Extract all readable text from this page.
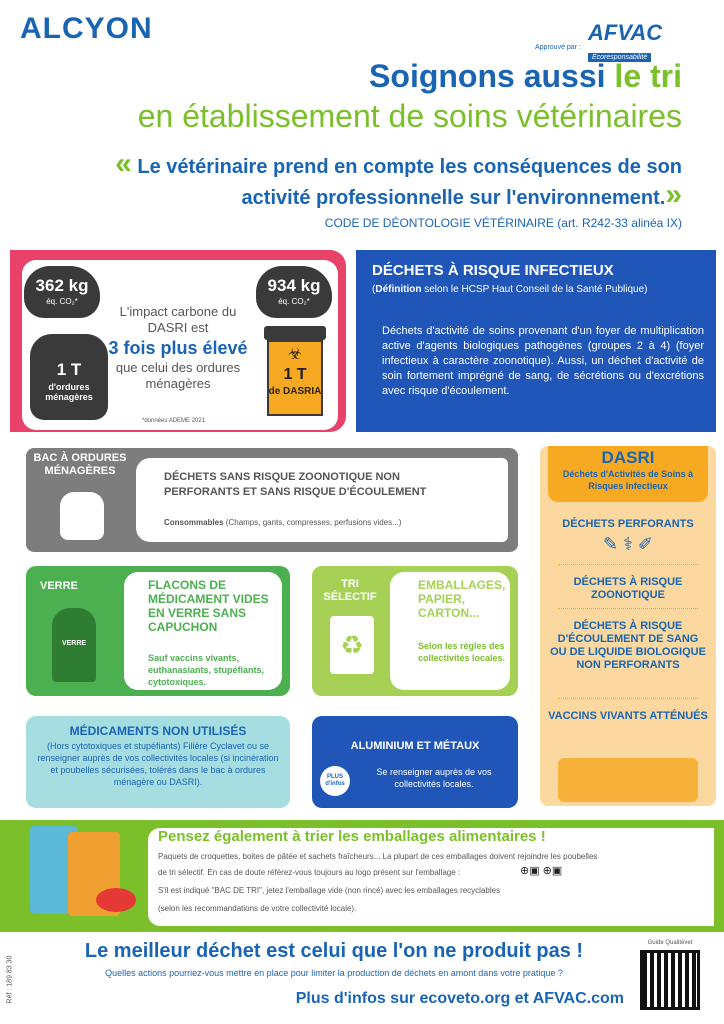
ALCYON
Approuvé par :
AFVAC
Écoresponsabilité
Soignons aussi le tri
en établissement de soins vétérinaires
« Le vétérinaire prend en compte les conséquences de son activité professionnelle sur l'environnement.»
CODE DE DÉONTOLOGIE VÉTÉRINAIRE (art. R242-33 alinéa IX)
362 kg
éq. CO₂*
934 kg
éq. CO₂*
L'impact carbone du DASRI est
3 fois plus élevé
que celui des ordures ménagères
1 T
d'ordures ménagères
☣
1 T
de DASRIA
*données ADEME 2021
DÉCHETS À RISQUE INFECTIEUX
(Définition selon le HCSP Haut Conseil de la Santé Publique)
Déchets d'activité de soins provenant d'un foyer de multiplication active d'agents biologiques pathogènes (groupes 2 à 4) (foyer infectieux à caractère zoonotique). Aussi, un déchet d'activité de soin fortement imprégné de sang, de sécrétions ou d'excrétions avec risque d'écoulement.
BAC À ORDURES MÉNAGÈRES	DÉCHETS SANS RISQUE ZOONOTIQUE NON PERFORANTS ET SANS RISQUE D'ÉCOULEMENT
Consommables (Champs, gants, compresses, perfusions vides...)
DASRI
Déchets d'Activités de Soins à Risques Infectieux
DÉCHETS PERFORANTS
✎ ⚕ ✐
DÉCHETS À RISQUE ZOONOTIQUE
DÉCHETS À RISQUE D'ÉCOULEMENT DE SANG OU DE LIQUIDE BIOLOGIQUE NON PERFORANTS
VACCINS VIVANTS ATTÉNUÉS
VERRE
VERRE
FLACONS DE MÉDICAMENT VIDES EN VERRE SANS CAPUCHON
Sauf vaccins vivants, euthanasiants, stupéfiants, cytotoxiques.
TRI SÉLECTIF
♻
EMBALLAGES, PAPIER, CARTON...
Selon les règles des collectivités locales.
MÉDICAMENTS NON UTILISÉS
(Hors cytotoxiques et stupéfiants) Filière Cyclavet ou se renseigner auprès de vos collectivités locales (si incinération et poubelles sécurisées, tolérés dans le bac à ordures ménagère ou DASRI).
ALUMINIUM ET MÉTAUX
Se renseigner auprès de vos collectivités locales.
PLUS d'infos
Pensez également à trier les emballages alimentaires !
Paquets de croquettes, boites de pâtée et sachets fraîcheurs... La plupart de ces emballages doivent rejoindre les poubelles
de tri sélectif. En cas de doute référez-vous toujours au logo présent sur l'emballage :	⊕▣ ⊕▣
S'il est indiqué "BAC DE TRI", jetez l'emballage vide (non rincé) avec les emballages recyclables
(selon les recommandations de votre collectivité locale).
Réf : 189 83 30
Le meilleur déchet est celui que l'on ne produit pas !
Quelles actions pourriez-vous mettre en place pour limiter la production de déchets en amont dans votre pratique ?
Plus d'infos sur ecoveto.org et AFVAC.com
Guide Qualitévet
